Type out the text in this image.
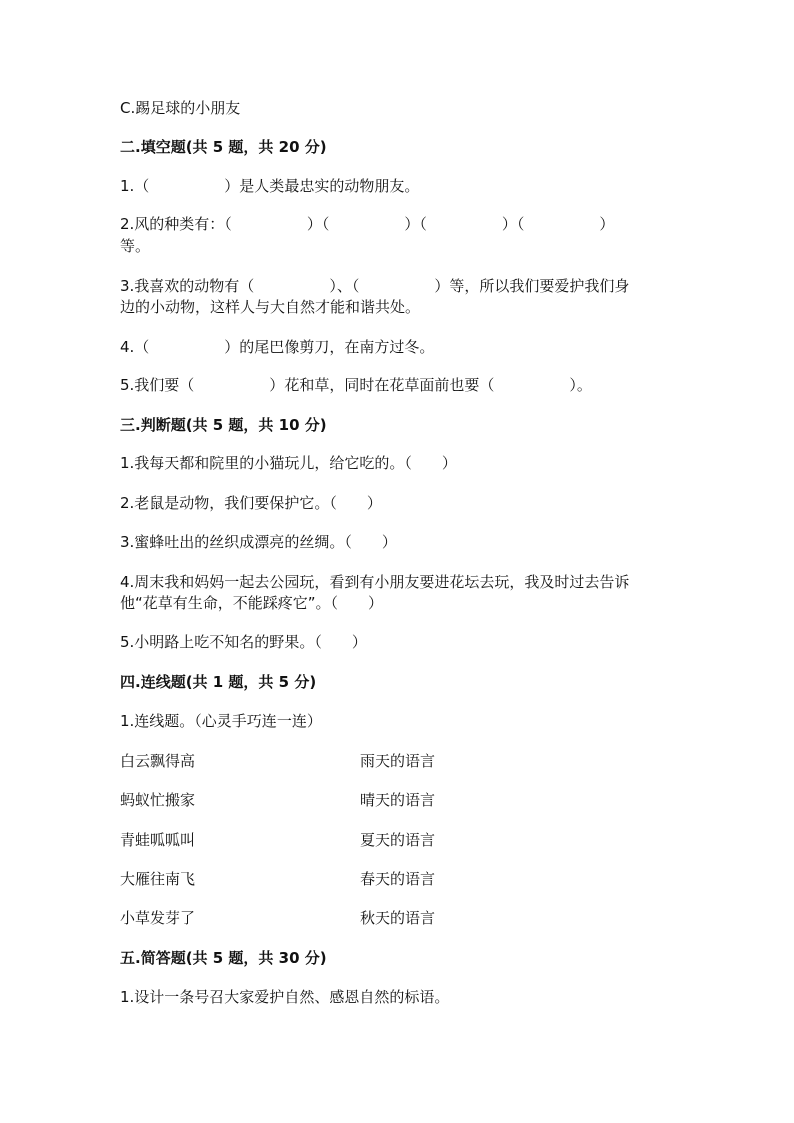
C.踢足球的小朋友
二.填空题(共 5 题，共 20 分)
1.（　　　　　）是人类最忠实的动物朋友。
2.风的种类有：（　　　　　）（　　　　　）（　　　　　）（　　　　　）
等。
3.我喜欢的动物有（　　　　　）、（　　　　　）等，所以我们要爱护我们身
边的小动物，这样人与大自然才能和谐共处。
4.（　　　　　）的尾巴像剪刀，在南方过冬。
5.我们要（　　　　　）花和草，同时在花草面前也要（　　　　　）。
三.判断题(共 5 题，共 10 分)
1.我每天都和院里的小猫玩儿，给它吃的。（　　）
2.老鼠是动物，我们要保护它。（　　）
3.蜜蜂吐出的丝织成漂亮的丝绸。（　　）
4.周末我和妈妈一起去公园玩，看到有小朋友要进花坛去玩，我及时过去告诉
他“花草有生命，不能踩疼它”。（　　）
5.小明路上吃不知名的野果。（　　）
四.连线题(共 1 题，共 5 分)
1.连线题。（心灵手巧连一连）
白云飘得高	雨天的语言
蚂蚁忙搬家	晴天的语言
青蛙呱呱叫	夏天的语言
大雁往南飞	春天的语言
小草发芽了	秋天的语言
五.简答题(共 5 题，共 30 分)
1.设计一条号召大家爱护自然、感恩自然的标语。
